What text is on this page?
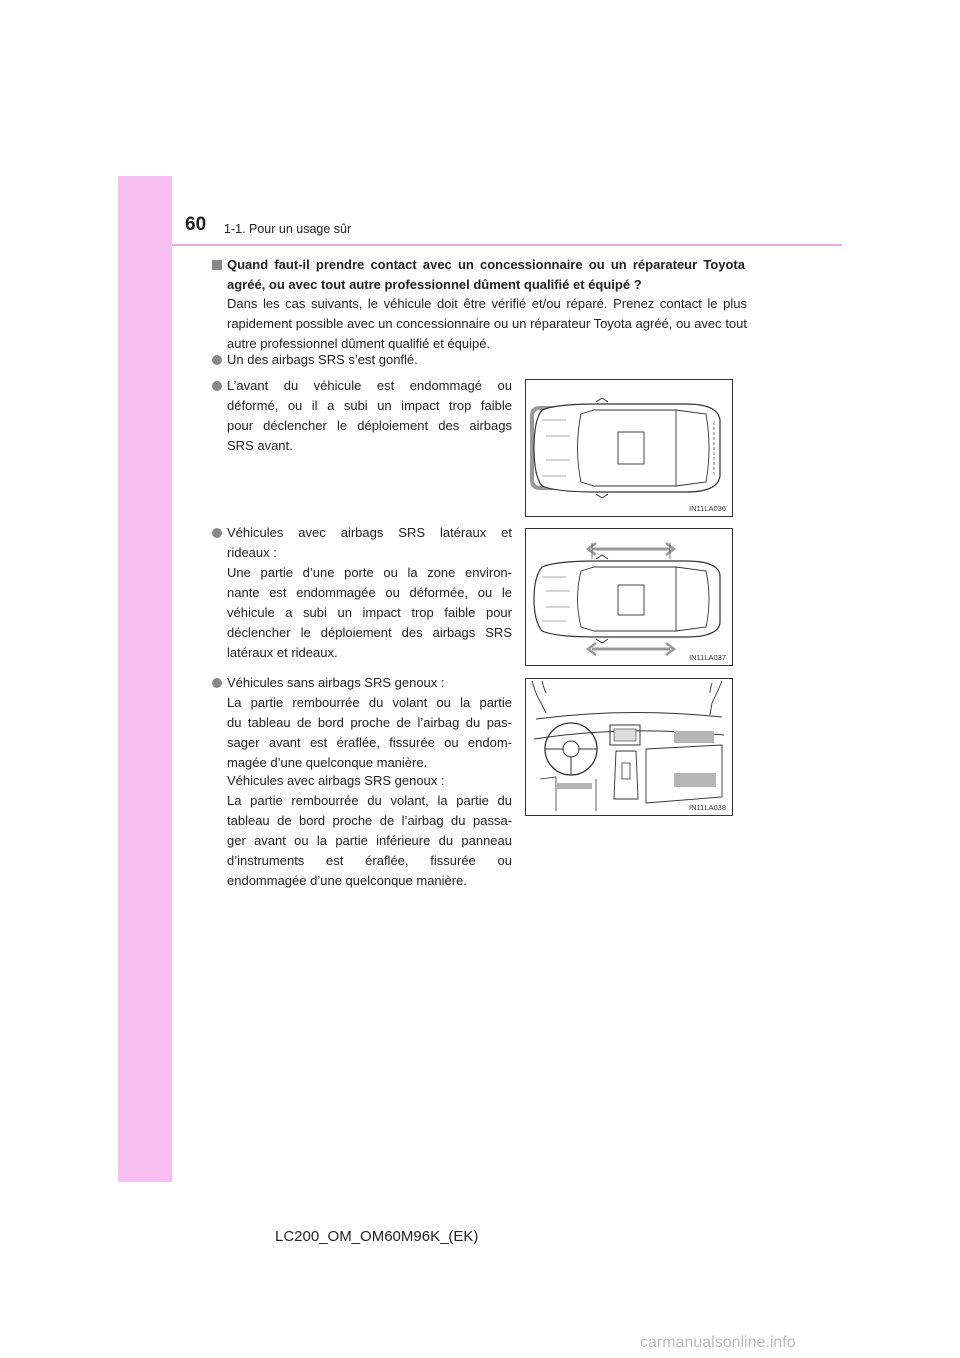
60 1-1. Pour un usage sûr
Quand faut-il prendre contact avec un concessionnaire ou un réparateur Toyota agréé, ou avec tout autre professionnel dûment qualifié et équipé ?
Dans les cas suivants, le véhicule doit être vérifié et/ou réparé. Prenez contact le plus rapidement possible avec un concessionnaire ou un réparateur Toyota agréé, ou avec tout autre professionnel dûment qualifié et équipé.
Un des airbags SRS s’est gonflé.
L’avant du véhicule est endommagé ou
déformé, ou il a subi un impact trop faible
pour déclencher le déploiement des airbags
SRS avant.
Véhicules avec airbags SRS latéraux et
rideaux :
Une partie d’une porte ou la zone environ-
nante est endommagée ou déformée, ou le
véhicule a subi un impact trop faible pour
déclencher le déploiement des airbags SRS
latéraux et rideaux.
Véhicules sans airbags SRS genoux :
La partie rembourrée du volant ou la partie
du tableau de bord proche de l’airbag du pas-
sager avant est éraflée, fissurée ou endom-
magée d’une quelconque manière.
Véhicules avec airbags SRS genoux :
La partie rembourrée du volant, la partie du
tableau de bord proche de l’airbag du passa-
ger avant ou la partie inférieure du panneau
d’instruments est éraflée, fissurée ou
endommagée d’une quelconque manière.
IN11LA036
IN11LA037
IN11LA038
LC200_OM_OM60M96K_(EK)
carmanualsonline.info
